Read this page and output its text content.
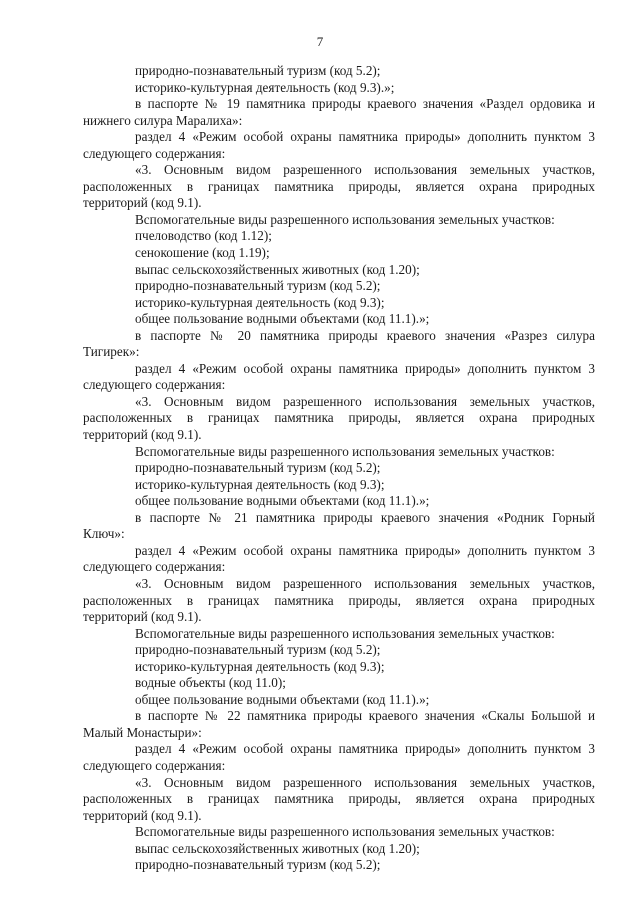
7
природно-познавательный туризм (код 5.2);
историко-культурная деятельность (код 9.3).»;
в паспорте № 19 памятника природы краевого значения «Раздел ордовика и
нижнего силура Маралиха»:
раздел 4 «Режим особой охраны памятника природы» дополнить пунктом 3
следующего содержания:
«3. Основным видом разрешенного использования земельных участков,
расположенных в границах памятника природы, является охрана природных
территорий (код 9.1).
Вспомогательные виды разрешенного использования земельных участков:
пчеловодство (код 1.12);
сенокошение (код 1.19);
выпас сельскохозяйственных животных (код 1.20);
природно-познавательный туризм (код 5.2);
историко-культурная деятельность (код 9.3);
общее пользование водными объектами (код 11.1).»;
в паспорте № 20 памятника природы краевого значения «Разрез силура
Тигирек»:
раздел 4 «Режим особой охраны памятника природы» дополнить пунктом 3
следующего содержания:
«3. Основным видом разрешенного использования земельных участков,
расположенных в границах памятника природы, является охрана природных
территорий (код 9.1).
Вспомогательные виды разрешенного использования земельных участков:
природно-познавательный туризм (код 5.2);
историко-культурная деятельность (код 9.3);
общее пользование водными объектами (код 11.1).»;
в паспорте № 21 памятника природы краевого значения «Родник Горный
Ключ»:
раздел 4 «Режим особой охраны памятника природы» дополнить пунктом 3
следующего содержания:
«3. Основным видом разрешенного использования земельных участков,
расположенных в границах памятника природы, является охрана природных
территорий (код 9.1).
Вспомогательные виды разрешенного использования земельных участков:
природно-познавательный туризм (код 5.2);
историко-культурная деятельность (код 9.3);
водные объекты (код 11.0);
общее пользование водными объектами (код 11.1).»;
в паспорте № 22 памятника природы краевого значения «Скалы Большой и
Малый Монастыри»:
раздел 4 «Режим особой охраны памятника природы» дополнить пунктом 3
следующего содержания:
«3. Основным видом разрешенного использования земельных участков,
расположенных в границах памятника природы, является охрана природных
территорий (код 9.1).
Вспомогательные виды разрешенного использования земельных участков:
выпас сельскохозяйственных животных (код 1.20);
природно-познавательный туризм (код 5.2);
